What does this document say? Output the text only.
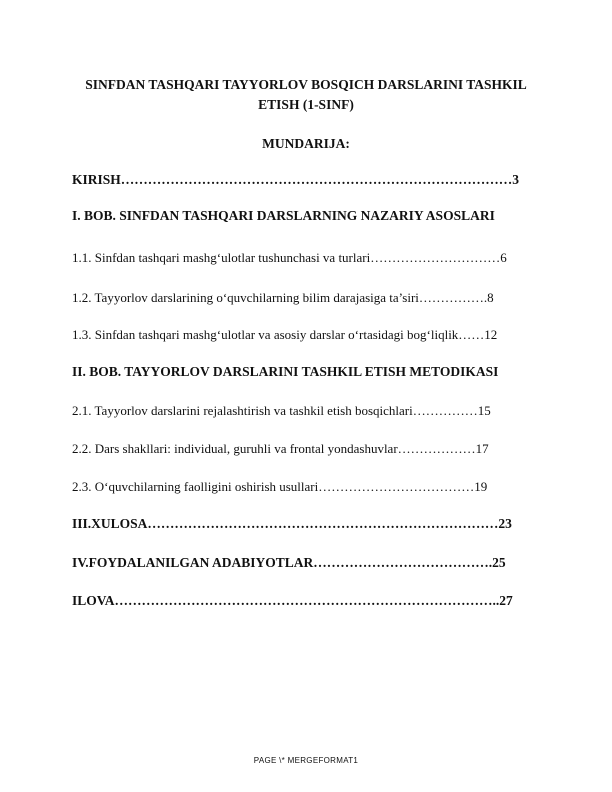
SINFDAN TASHQARI TAYYORLOV BOSQICH DARSLARINI TASHKIL
ETISH (1-SINF)
MUNDARIJA:
KIRISH……………………………………………………………………………3
I. BOB. SINFDAN TASHQARI DARSLARNING NAZARIY ASOSLARI
1.1. Sinfdan tashqari mashg‘ulotlar tushunchasi va turlari…………………………6
1.2. Tayyorlov darslarining o‘quvchilarning bilim darajasiga ta’siri…………….8
1.3. Sinfdan tashqari mashg‘ulotlar va asosiy darslar o‘rtasidagi bog‘liqlik……12
II. BOB. TAYYORLOV DARSLARINI TASHKIL ETISH METODIKASI
2.1. Tayyorlov darslarini rejalashtirish va tashkil etish bosqichlari……………15
2.2. Dars shakllari: individual, guruhli va frontal yondashuvlar………………17
2.3. O‘quvchilarning faolligini oshirish usullari………………………………19
III.XULOSA……………………………………………………………………23
IV.FOYDALANILGAN ADABIYOTLAR………………………………….25
ILOVA…………………………………………………………………………..27
PAGE \* MERGEFORMAT1
